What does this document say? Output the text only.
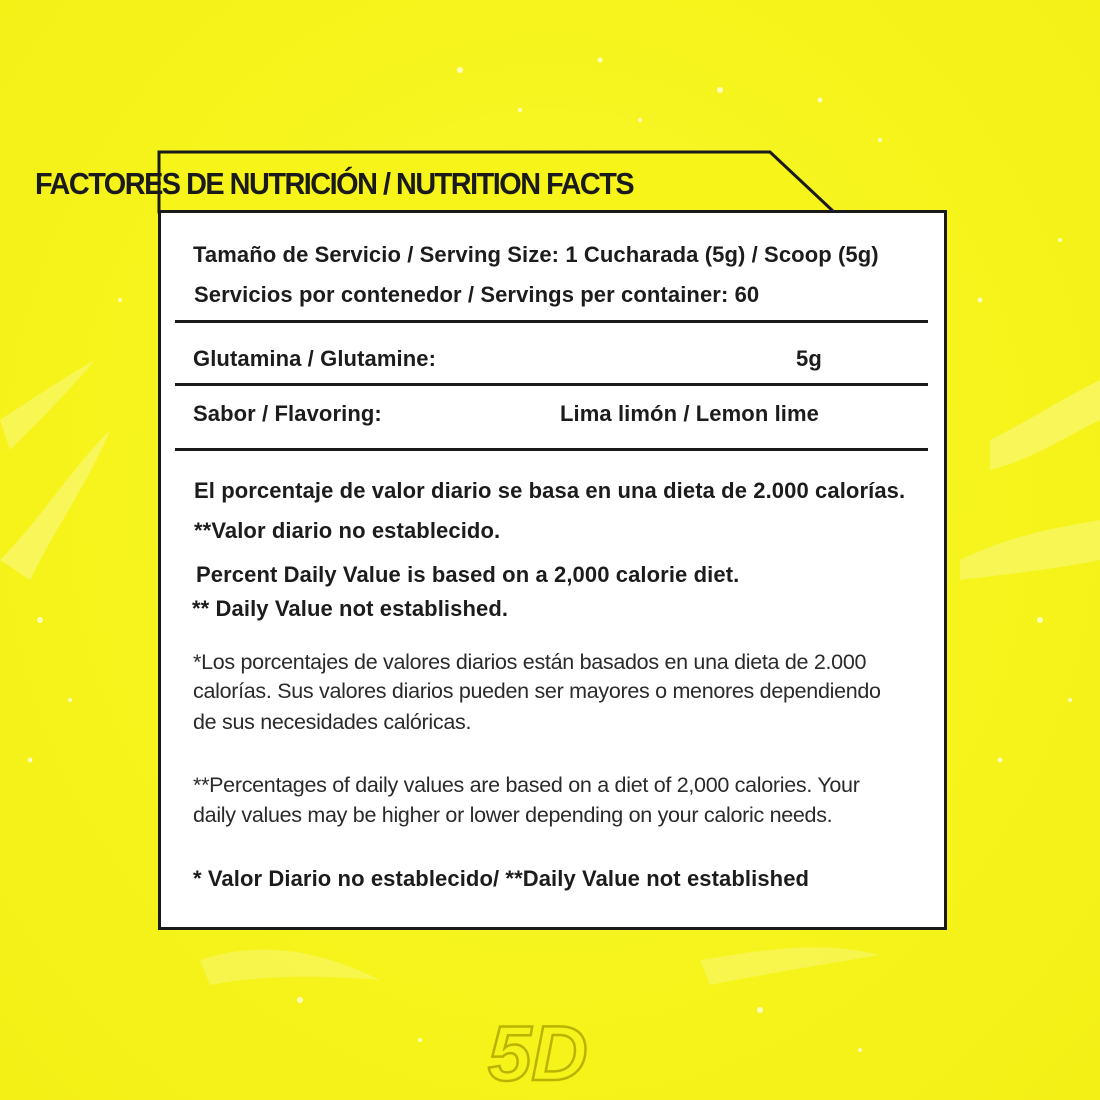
FACTORES DE NUTRICIÓN / NUTRITION FACTS
Tamaño de Servicio / Serving Size: 1 Cucharada (5g) / Scoop (5g)
Servicios por contenedor / Servings per container: 60
Glutamina / Glutamine:	5g
Sabor / Flavoring:	Lima limón / Lemon lime
El porcentaje de valor diario se basa en una dieta de 2.000 calorías.
**Valor diario no establecido.
Percent Daily Value is based on a 2,000 calorie diet.
** Daily Value not established.
*Los porcentajes de valores diarios están basados en una dieta de 2.000
calorías. Sus valores diarios pueden ser mayores o menores dependiendo
de sus necesidades calóricas.
**Percentages of daily values are based on a diet of 2,000 calories. Your
daily values may be higher or lower depending on your caloric needs.
* Valor Diario no establecido/ **Daily Value not established
5D
